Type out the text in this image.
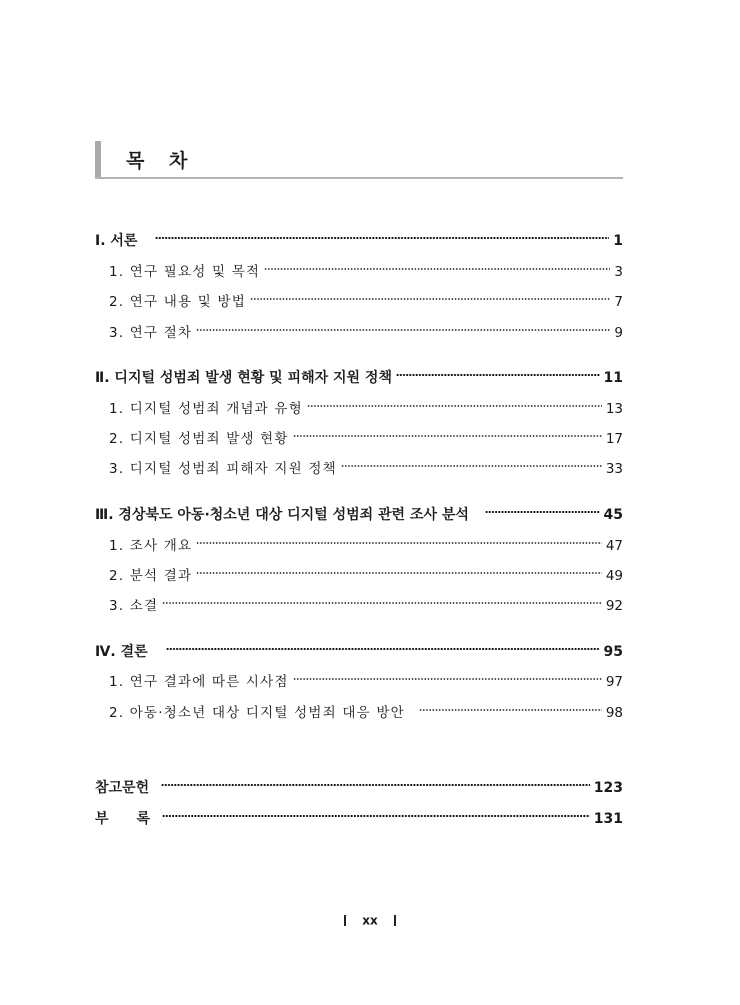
목 차
Ⅰ. 서론	1
1. 연구 필요성 및 목적	3
2. 연구 내용 및 방법	7
3. 연구 절차	9
Ⅱ. 디지털 성범죄 발생 현황 및 피해자 지원 정책	11
1. 디지털 성범죄 개념과 유형	13
2. 디지털 성범죄 발생 현황	17
3. 디지털 성범죄 피해자 지원 정책	33
Ⅲ. 경상북도 아동·청소년 대상 디지털 성범죄 관련 조사 분석	45
1. 조사 개요	47
2. 분석 결과	49
3. 소결	92
Ⅳ. 결론	95
1. 연구 결과에 따른 시사점	97
2. 아동·청소년 대상 디지털 성범죄 대응 방안	98
참고문헌	123
부　　록	131
xx
